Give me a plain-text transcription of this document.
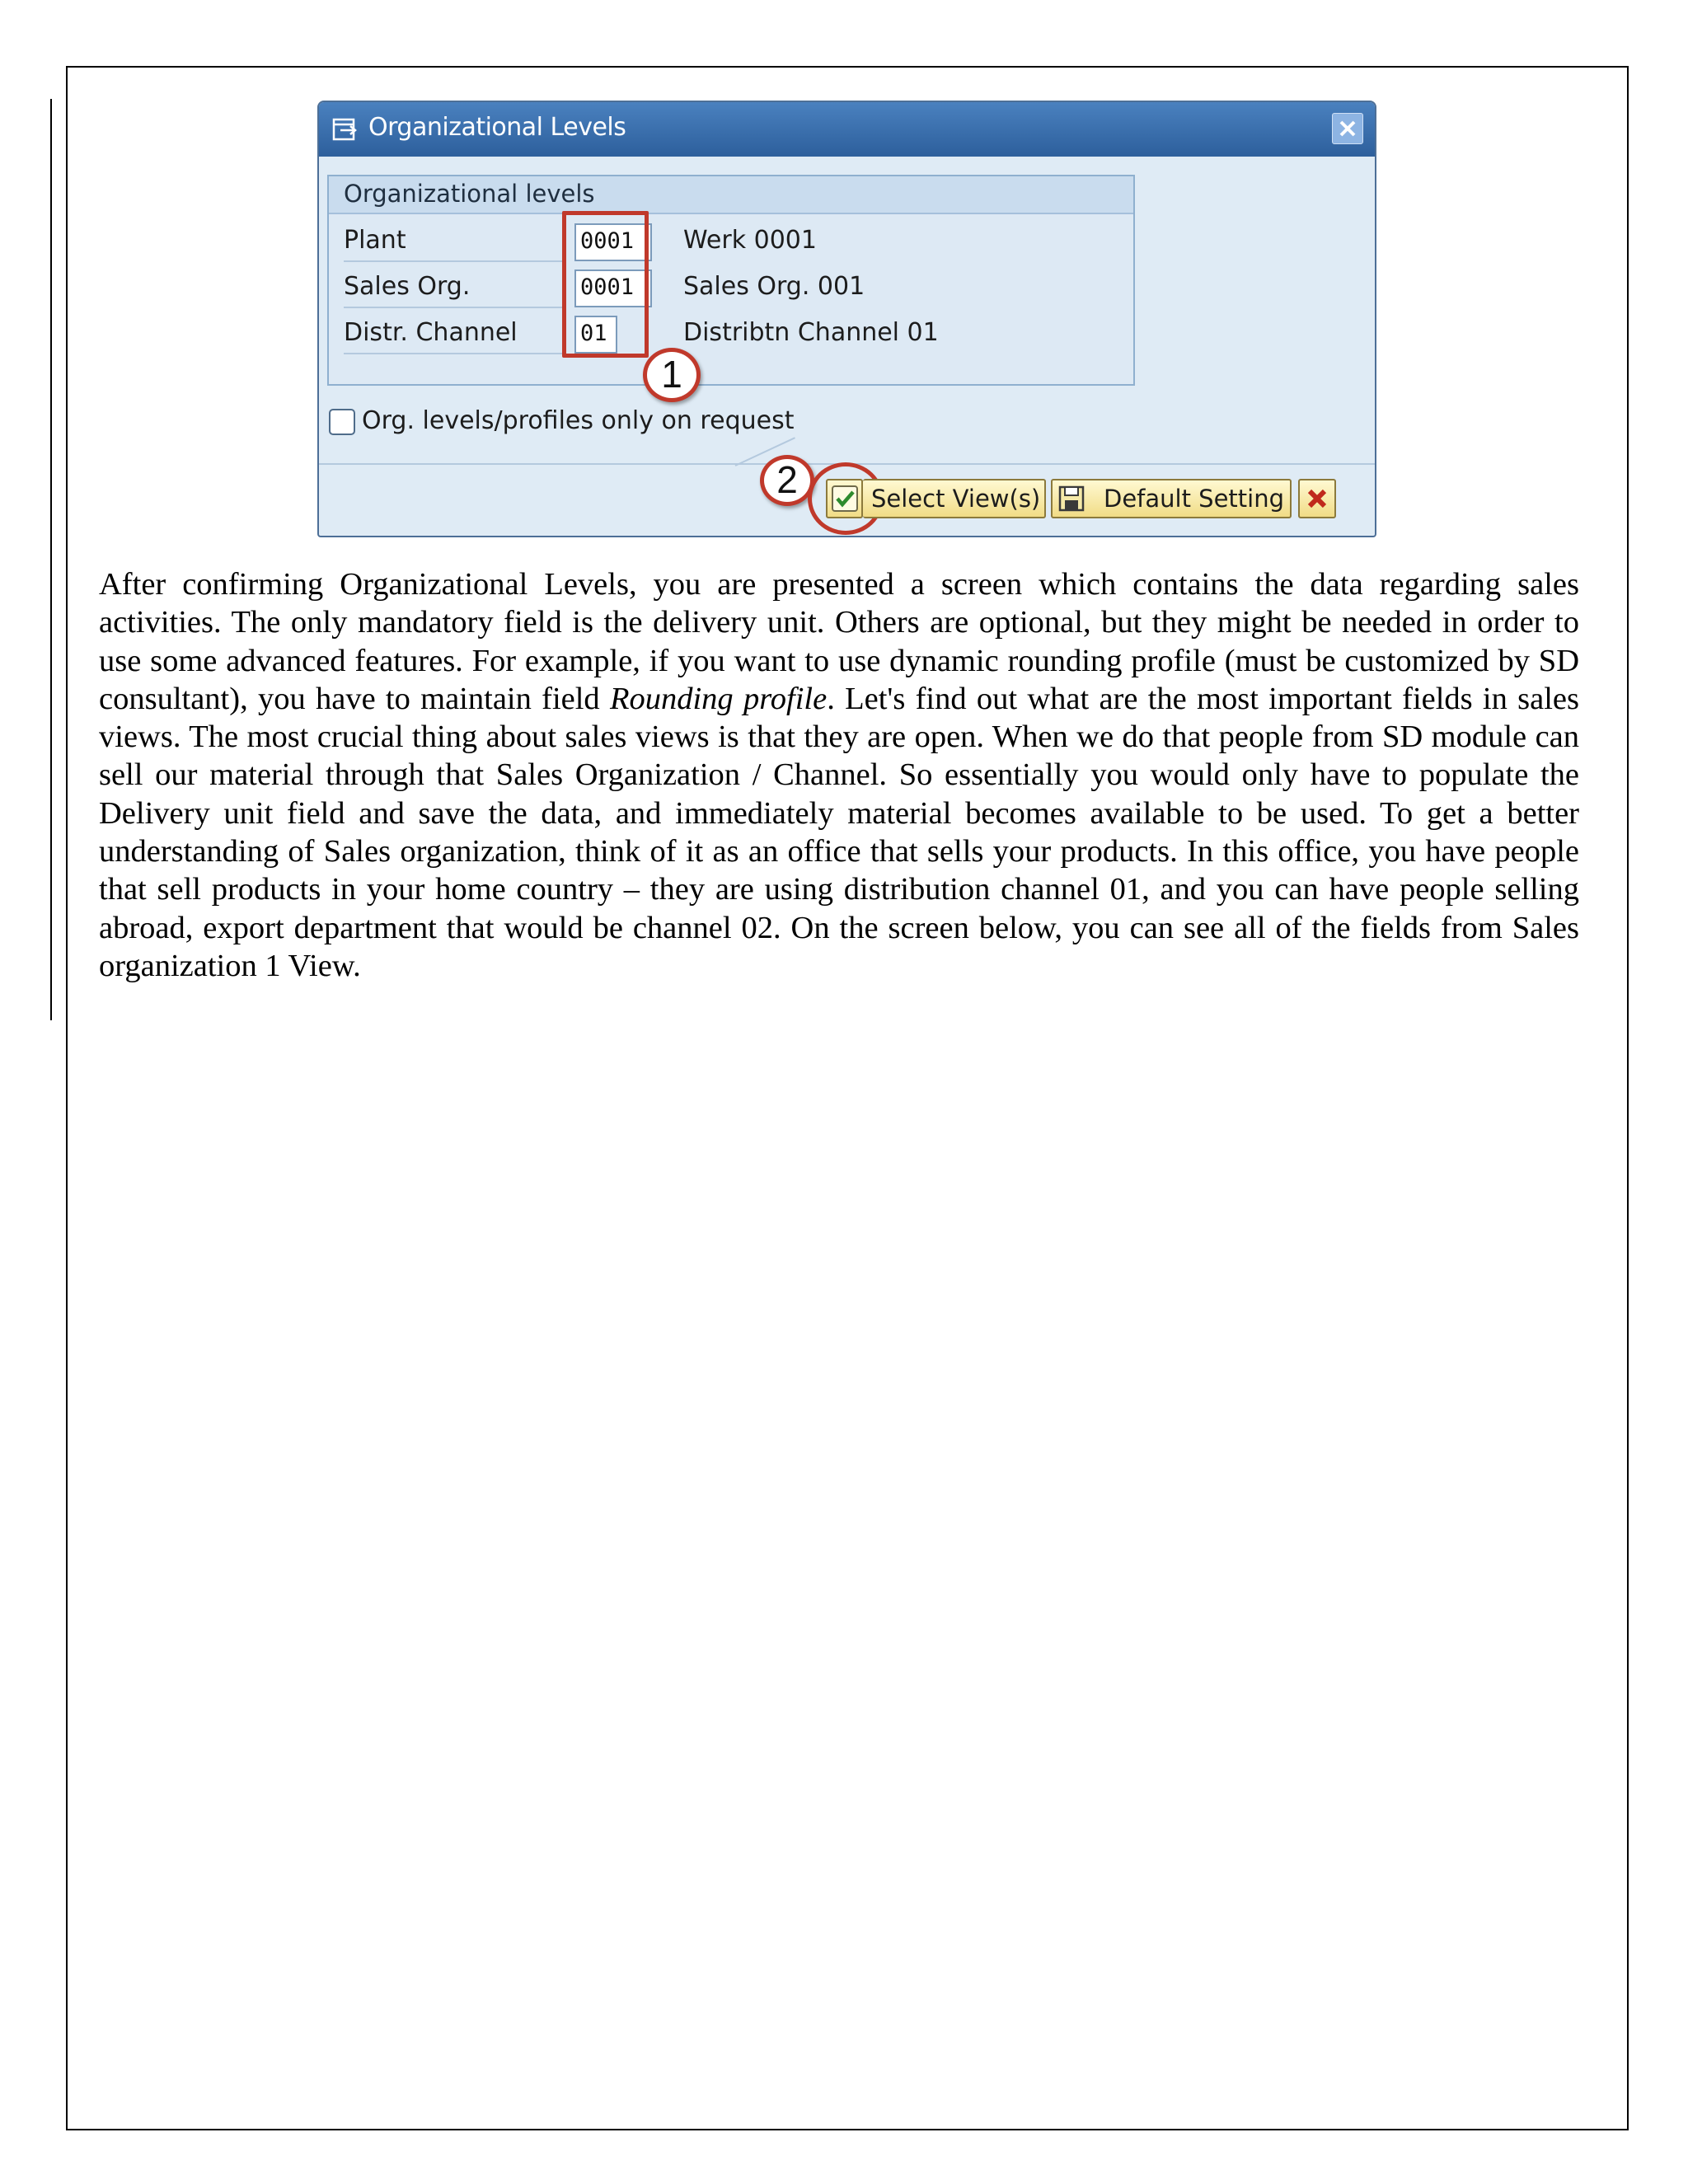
Organizational Levels
Organizational levels
Plant	0001	Werk 0001
Sales Org.	0001	Sales Org. 001
Distr. Channel	01	Distribtn Channel 01
1
Org. levels/profiles only on request
2	Select View(s)	Default Setting
After confirming Organizational Levels, you are presented a screen which contains the data regarding sales activities. The only mandatory field is the delivery unit. Others are optional, but they might be needed in order to use some advanced features. For example, if you want to use dynamic rounding profile (must be customized by SD consultant), you have to maintain field Rounding profile. Let's find out what are the most important fields in sales views. The most crucial thing about sales views is that they are open. When we do that people from SD module can sell our material through that Sales Organization / Channel. So essentially you would only have to populate the Delivery unit field and save the data, and immediately material becomes available to be used. To get a better understanding of Sales organization, think of it as an office that sells your products. In this office, you have people that sell products in your home country – they are using distribution channel 01, and you can have people selling abroad, export department that would be channel 02. On the screen below, you can see all of the fields from Sales organization 1 View.
